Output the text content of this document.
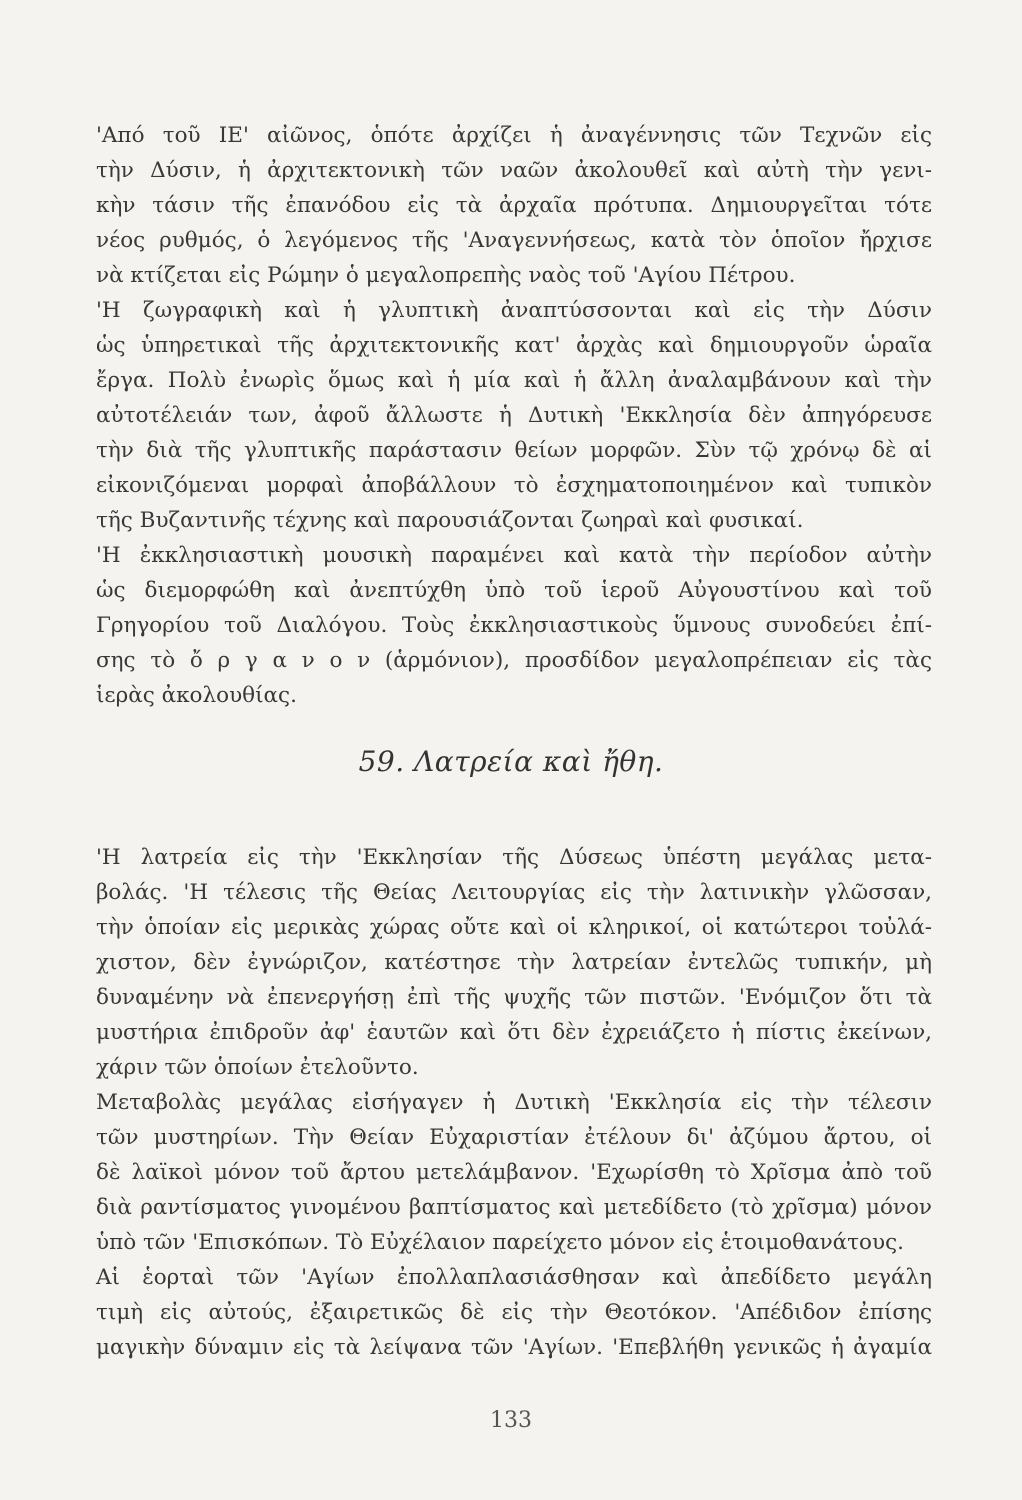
'Από τοῦ ΙΕ' αἰῶνος, ὁπότε ἀρχίζει ἡ ἀναγέννησις τῶν Τεχνῶν εἰς
τὴν Δύσιν, ἡ ἀρχιτεκτονικὴ τῶν ναῶν ἀκολουθεῖ καὶ αὐτὴ τὴν γενι-
κὴν τάσιν τῆς ἐπανόδου εἰς τὰ ἀρχαῖα πρότυπα. Δημιουργεῖται τότε
νέος ρυθμός, ὁ λεγόμενος τῆς 'Αναγεννήσεως, κατὰ τὸν ὁποῖον ἤρχισε
νὰ κτίζεται εἰς Ρώμην ὁ μεγαλοπρεπὴς ναὸς τοῦ 'Αγίου Πέτρου.
'Η ζωγραφικὴ καὶ ἡ γλυπτικὴ ἀναπτύσσονται καὶ εἰς τὴν Δύσιν
ὡς ὑπηρετικαὶ τῆς ἀρχιτεκτονικῆς κατ' ἀρχὰς καὶ δημιουργοῦν ὡραῖα
ἔργα. Πολὺ ἐνωρὶς ὅμως καὶ ἡ μία καὶ ἡ ἄλλη ἀναλαμβάνουν καὶ τὴν
αὐτοτέλειάν των, ἀφοῦ ἄλλωστε ἡ Δυτικὴ 'Εκκλησία δὲν ἀπηγόρευσε
τὴν διὰ τῆς γλυπτικῆς παράστασιν θείων μορφῶν. Σὺν τῷ χρόνῳ δὲ αἱ
εἰκονιζόμεναι μορφαὶ ἀποβάλλουν τὸ ἐσχηματοποιημένον καὶ τυπικὸν
τῆς Βυζαντινῆς τέχνης καὶ παρουσιάζονται ζωηραὶ καὶ φυσικαί.
'Η ἐκκλησιαστικὴ μουσικὴ παραμένει καὶ κατὰ τὴν περίοδον αὐτὴν
ὡς διεμορφώθη καὶ ἀνεπτύχθη ὑπὸ τοῦ ἱεροῦ Αὐγουστίνου καὶ τοῦ
Γρηγορίου τοῦ Διαλόγου. Τοὺς ἐκκλησιαστικοὺς ὕμνους συνοδεύει ἐπί-
σης τὸ ὄ ρ γ α ν ο ν (ἁρμόνιον), προσδίδον μεγαλοπρέπειαν εἰς τὰς
ἱερὰς ἀκολουθίας.
59. Λατρεία καὶ ἤθη.
'Η λατρεία εἰς τὴν 'Εκκλησίαν τῆς Δύσεως ὑπέστη μεγάλας μετα-
βολάς. 'Η τέλεσις τῆς Θείας Λειτουργίας εἰς τὴν λατινικὴν γλῶσσαν,
τὴν ὁποίαν εἰς μερικὰς χώρας οὔτε καὶ οἱ κληρικοί, οἱ κατώτεροι τοὐλά-
χιστον, δὲν ἐγνώριζον, κατέστησε τὴν λατρείαν ἐντελῶς τυπικήν, μὴ
δυναμένην νὰ ἐπενεργήσῃ ἐπὶ τῆς ψυχῆς τῶν πιστῶν. 'Ενόμιζον ὅτι τὰ
μυστήρια ἐπιδροῦν ἀφ' ἑαυτῶν καὶ ὅτι δὲν ἐχρειάζετο ἡ πίστις ἐκείνων,
χάριν τῶν ὁποίων ἐτελοῦντο.
Μεταβολὰς μεγάλας εἰσήγαγεν ἡ Δυτικὴ 'Εκκλησία εἰς τὴν τέλεσιν
τῶν μυστηρίων. Τὴν Θείαν Εὐχαριστίαν ἐτέλουν δι' ἀζύμου ἄρτου, οἱ
δὲ λαϊκοὶ μόνον τοῦ ἄρτου μετελάμβανον. 'Εχωρίσθη τὸ Χρῖσμα ἀπὸ τοῦ
διὰ ραντίσματος γινομένου βαπτίσματος καὶ μετεδίδετο (τὸ χρῖσμα) μόνον
ὑπὸ τῶν 'Επισκόπων. Τὸ Εὐχέλαιον παρείχετο μόνον εἰς ἑτοιμοθανάτους.
Αἱ ἑορταὶ τῶν 'Αγίων ἐπολλαπλασιάσθησαν καὶ ἀπεδίδετο μεγάλη
τιμὴ εἰς αὐτούς, ἐξαιρετικῶς δὲ εἰς τὴν Θεοτόκον. 'Απέδιδον ἐπίσης
μαγικὴν δύναμιν εἰς τὰ λείψανα τῶν 'Αγίων. 'Επεβλήθη γενικῶς ἡ ἀγαμία
133
